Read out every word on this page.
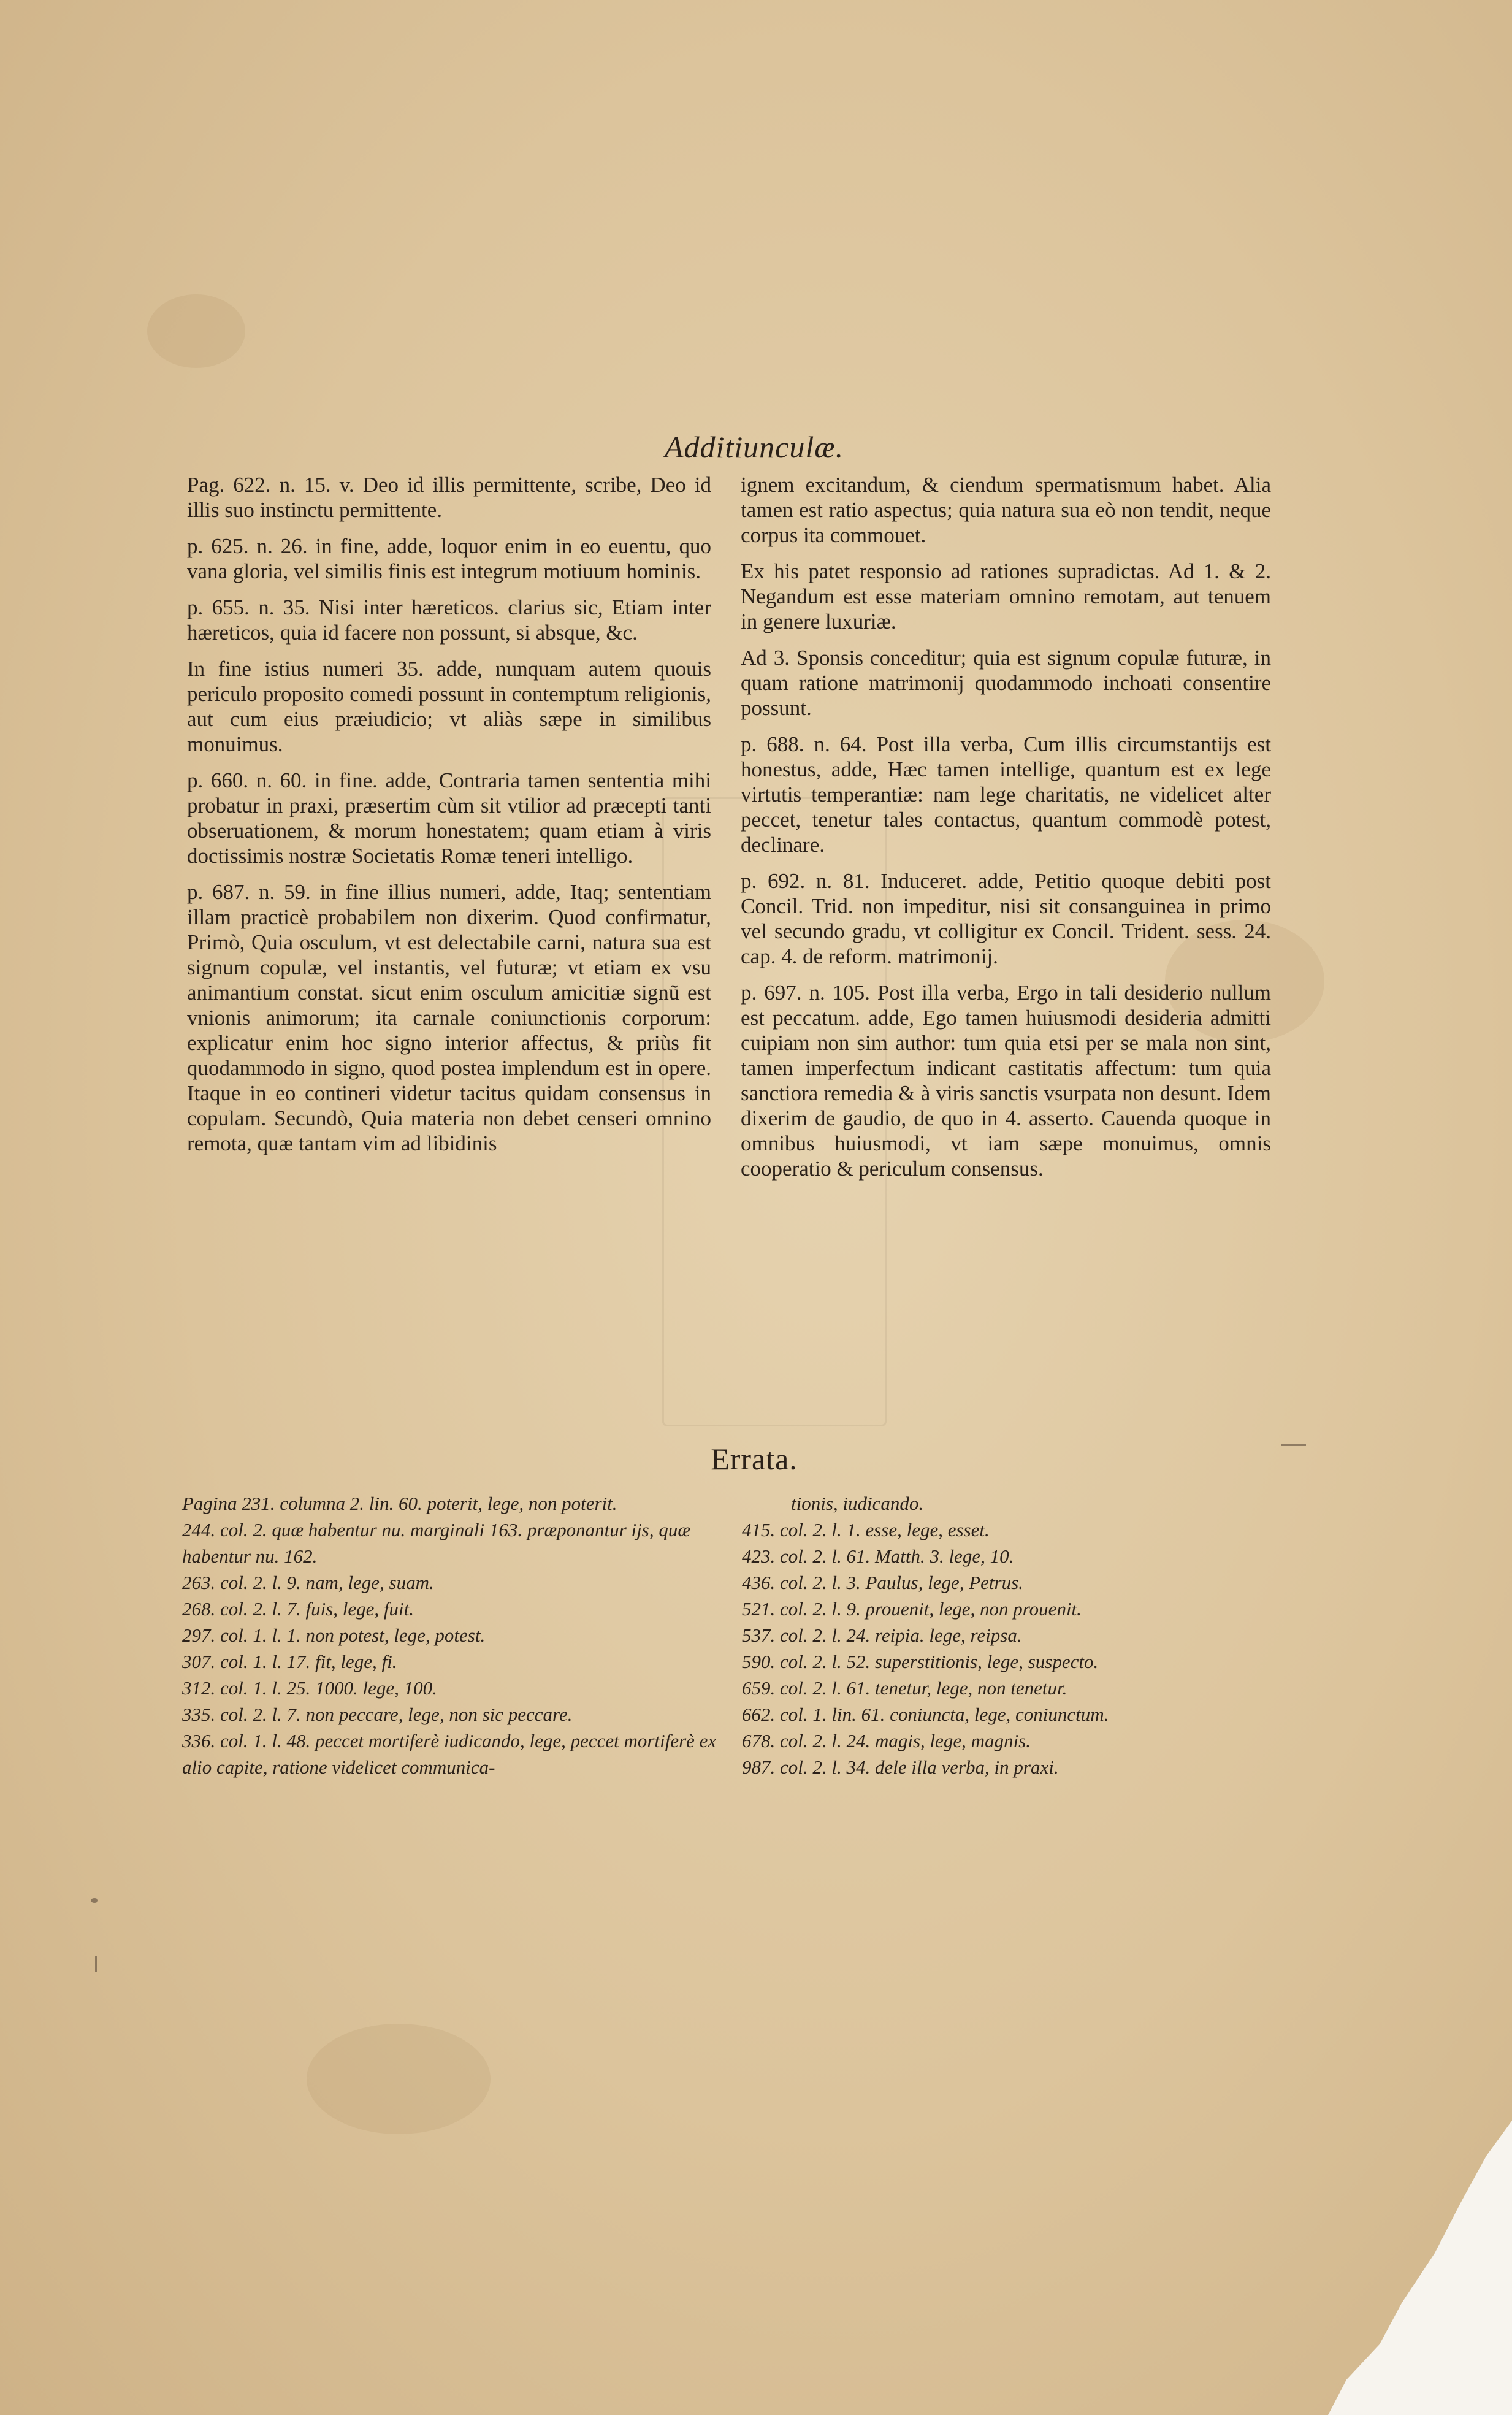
Additiunculæ.

Pag. 622. n. 15. v. Deo id illis permittente, scribe, Deo id illis suo instinctu permittente.

p. 625. n. 26. in fine, adde, loquor enim in eo euentu, quo vana gloria, vel similis finis est integrum motiuum hominis.

p. 655. n. 35. Nisi inter hæreticos. clarius sic, Etiam inter hæreticos, quia id facere non possunt, si absque, &c.

In fine istius numeri 35. adde, nunquam autem quouis periculo proposito comedi possunt in contemptum religionis, aut cum eius præiudicio; vt aliàs sæpe in similibus monuimus.

p. 660. n. 60. in fine. adde, Contraria tamen sententia mihi probatur in praxi, præsertim cùm sit vtilior ad præcepti tanti obseruationem, & morum honestatem; quam etiam à viris doctissimis nostræ Societatis Romæ teneri intelligo.

p. 687. n. 59. in fine illius numeri, adde, Itaq; sententiam illam practicè probabilem non dixerim. Quod confirmatur, Primò, Quia osculum, vt est delectabile carni, natura sua est signum copulæ, vel instantis, vel futuræ; vt etiam ex vsu animantium constat. sicut enim osculum amicitiæ signũ est vnionis animorum; ita carnale coniunctionis corporum: explicatur enim hoc signo interior affectus, & priùs fit quodammodo in signo, quod postea implendum est in opere. Itaque in eo contineri videtur tacitus quidam consensus in copulam. Secundò, Quia materia non debet censeri omnino remota, quæ tantam vim ad libidinis

ignem excitandum, & ciendum spermatismum habet. Alia tamen est ratio aspectus; quia natura sua eò non tendit, neque corpus ita commouet.

Ex his patet responsio ad rationes supradictas. Ad 1. & 2. Negandum est esse materiam omnino remotam, aut tenuem in genere luxuriæ.

Ad 3. Sponsis conceditur; quia est signum copulæ futuræ, in quam ratione matrimonij quodammodo inchoati consentire possunt.

p. 688. n. 64. Post illa verba, Cum illis circumstantijs est honestus, adde, Hæc tamen intellige, quantum est ex lege virtutis temperantiæ: nam lege charitatis, ne videlicet alter peccet, tenetur tales contactus, quantum commodè potest, declinare.

p. 692. n. 81. Induceret. adde, Petitio quoque debiti post Concil. Trid. non impeditur, nisi sit consanguinea in primo vel secundo gradu, vt colligitur ex Concil. Trident. sess. 24. cap. 4. de reform. matrimonij.

p. 697. n. 105. Post illa verba, Ergo in tali desiderio nullum est peccatum. adde, Ego tamen huiusmodi desideria admitti cuipiam non sim author: tum quia etsi per se mala non sint, tamen imperfectum indicant castitatis affectum: tum quia sanctiora remedia & à viris sanctis vsurpata non desunt. Idem dixerim de gaudio, de quo in 4. asserto. Cauenda quoque in omnibus huiusmodi, vt iam sæpe monuimus, omnis cooperatio & periculum consensus.

Errata.
Pagina 231. columna 2. lin. 60. poterit, lege, non poterit.
244. col. 2. quæ habentur nu. marginali 163. præponantur ijs, quæ habentur nu. 162.
263. col. 2. l. 9. nam, lege, suam.
268. col. 2. l. 7. fuis, lege, fuit.
297. col. 1. l. 1. non potest, lege, potest.
307. col. 1. l. 17. fit, lege, fi.
312. col. 1. l. 25. 1000. lege, 100.
335. col. 2. l. 7. non peccare, lege, non sic peccare.
336. col. 1. l. 48. peccet mortiferè iudicando, lege, peccet mortiferè ex alio capite, ratione videlicet communica-
tionis, iudicando.
415. col. 2. l. 1. esse, lege, esset.
423. col. 2. l. 61. Matth. 3. lege, 10.
436. col. 2. l. 3. Paulus, lege, Petrus.
521. col. 2. l. 9. prouenit, lege, non prouenit.
537. col. 2. l. 24. reipia. lege, reipsa.
590. col. 2. l. 52. superstitionis, lege, suspecto.
659. col. 2. l. 61. tenetur, lege, non tenetur.
662. col. 1. lin. 61. coniuncta, lege, coniunctum.
678. col. 2. l. 24. magis, lege, magnis.
987. col. 2. l. 34. dele illa verba, in praxi.
